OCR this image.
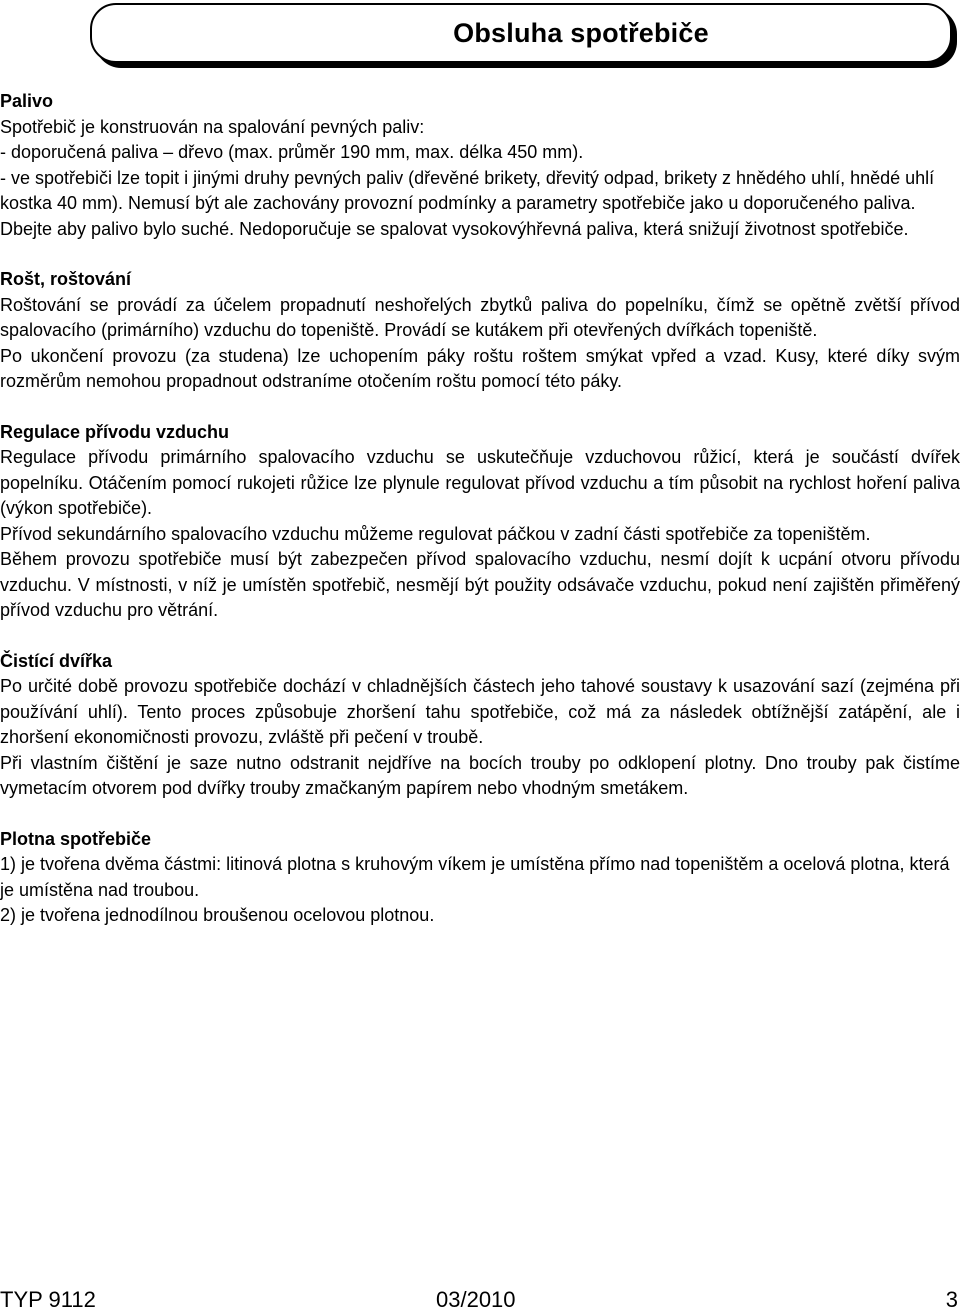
Obsluha spotřebiče

Palivo

Spotřebič je konstruován na spalování pevných paliv:

- doporučená paliva – dřevo (max. průměr 190 mm, max. délka 450 mm).

- ve spotřebiči lze topit i jinými druhy pevných paliv (dřevěné brikety, dřevitý odpad, brikety z hnědého uhlí, hnědé uhlí kostka 40 mm). Nemusí být ale zachovány provozní podmínky a parametry spotřebiče jako u doporučeného paliva.

Dbejte aby palivo bylo suché. Nedoporučuje se spalovat vysokovýhřevná paliva, která snižují životnost spotřebiče.

Rošt, roštování

Roštování se provádí za účelem propadnutí neshořelých zbytků paliva do popelníku, čímž se opětně zvětší přívod spalovacího (primárního) vzduchu do topeniště. Provádí se kutákem při otevřených dvířkách topeniště.

Po ukončení provozu (za studena) lze uchopením páky roštu roštem smýkat vpřed a vzad. Kusy, které díky svým rozměrům nemohou propadnout odstraníme otočením roštu pomocí této páky.

Regulace přívodu vzduchu

Regulace přívodu primárního spalovacího vzduchu se uskutečňuje vzduchovou růžicí, která je součástí dvířek popelníku. Otáčením pomocí rukojeti růžice lze plynule regulovat přívod vzduchu a tím působit na rychlost hoření paliva (výkon spotřebiče).

Přívod sekundárního spalovacího vzduchu můžeme regulovat páčkou v zadní části spotřebiče za topeništěm.

Během provozu spotřebiče musí být zabezpečen přívod spalovacího vzduchu, nesmí dojít k ucpání otvoru přívodu vzduchu. V místnosti, v níž je umístěn spotřebič, nesmějí být použity odsávače vzduchu, pokud není zajištěn přiměřený přívod vzduchu pro větrání.

Čistící dvířka

Po určité době provozu spotřebiče dochází v chladnějších částech jeho tahové soustavy k usazování sazí (zejména při používání uhlí). Tento proces způsobuje zhoršení tahu spotřebiče, což má za následek obtížnější zatápění, ale i zhoršení ekonomičnosti provozu, zvláště při pečení v troubě.

Při vlastním čištění je saze nutno odstranit nejdříve na bocích trouby po odklopení plotny. Dno trouby pak čistíme vymetacím otvorem pod dvířky trouby zmačkaným papírem nebo vhodným smetákem.

Plotna spotřebiče

1) je tvořena dvěma částmi: litinová plotna s kruhovým víkem je umístěna přímo nad topeništěm a ocelová plotna, která je umístěna nad troubou.

2) je tvořena jednodílnou broušenou ocelovou plotnou.

TYP 9112	03/2010	3
